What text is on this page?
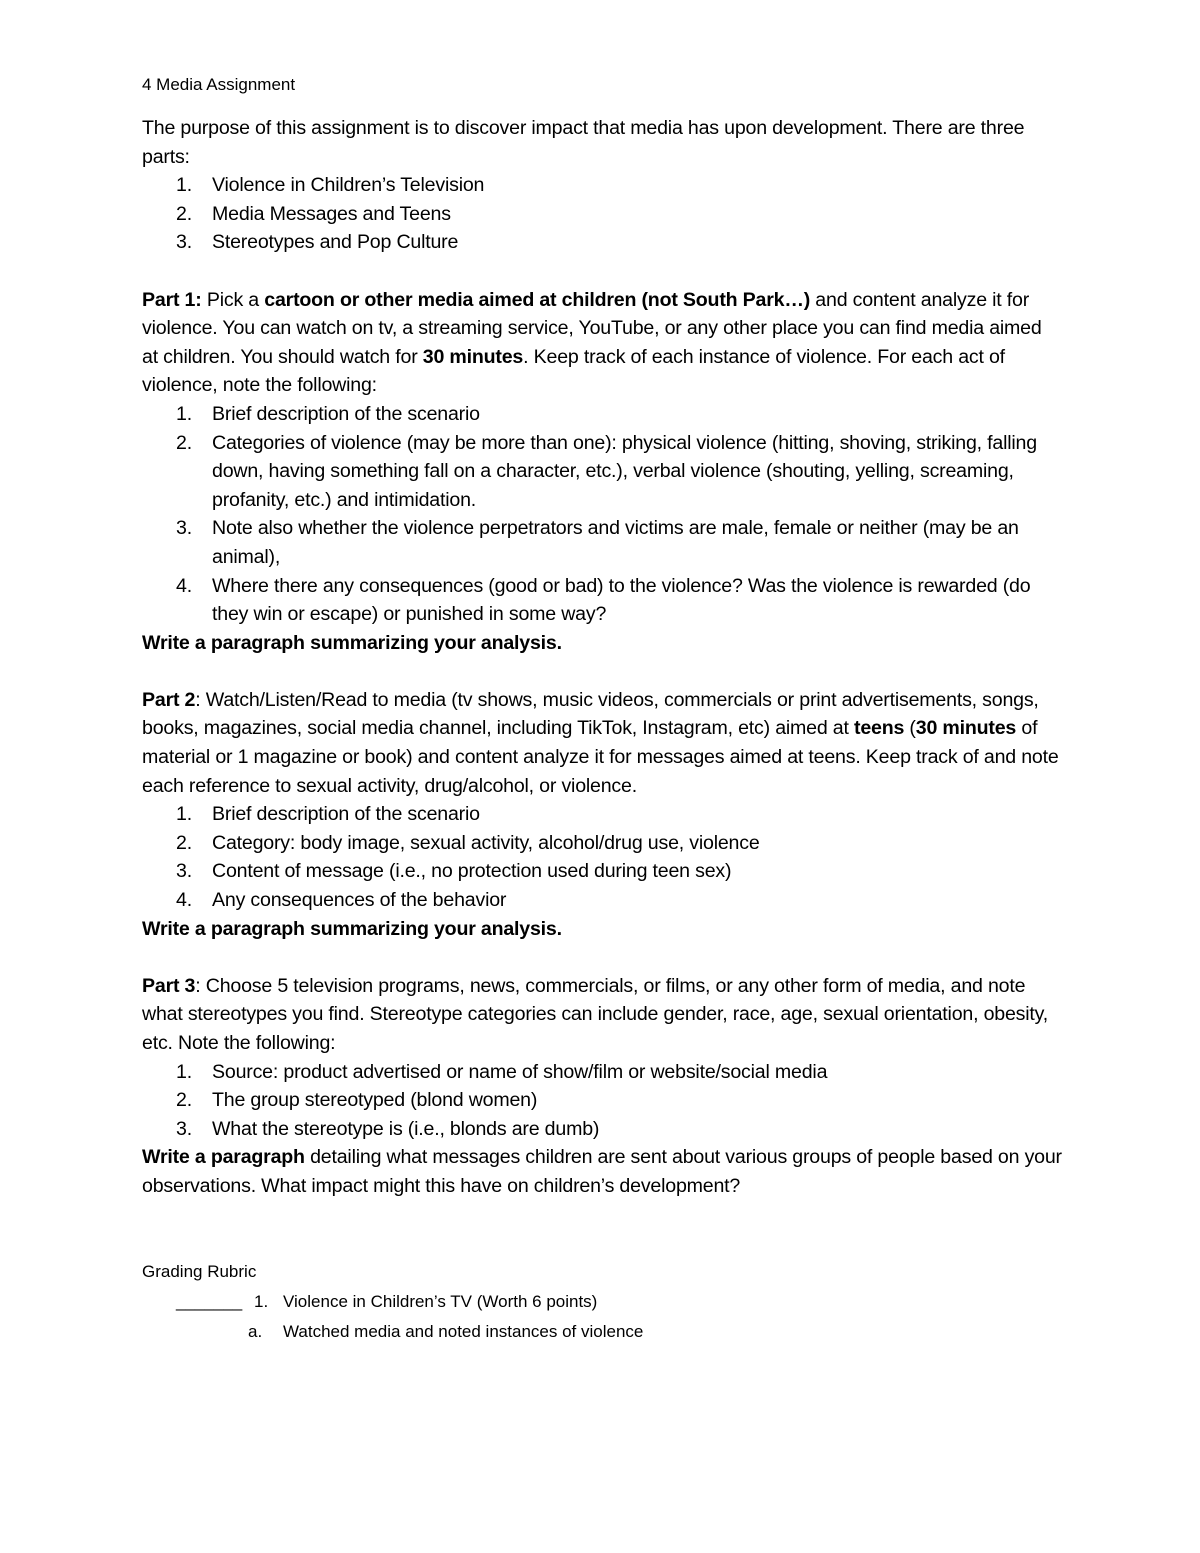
4 Media Assignment

The purpose of this assignment is to discover impact that media has upon development. There are three parts:

1. Violence in Children’s Television
2. Media Messages and Teens
3. Stereotypes and Pop Culture

Part 1: Pick a cartoon or other media aimed at children (not South Park…) and content analyze it for violence. You can watch on tv, a streaming service, YouTube, or any other place you can find media aimed at children. You should watch for 30 minutes. Keep track of each instance of violence. For each act of violence, note the following:

1. Brief description of the scenario
2. Categories of violence (may be more than one): physical violence (hitting, shoving, striking, falling down, having something fall on a character, etc.), verbal violence (shouting, yelling, screaming, profanity, etc.) and intimidation.
3. Note also whether the violence perpetrators and victims are male, female or neither (may be an animal),
4. Where there any consequences (good or bad) to the violence? Was the violence is rewarded (do they win or escape) or punished in some way?

Write a paragraph summarizing your analysis.

Part 2: Watch/Listen/Read to media (tv shows, music videos, commercials or print advertisements, songs, books, magazines, social media channel, including TikTok, Instagram, etc) aimed at teens (30 minutes of material or 1 magazine or book) and content analyze it for messages aimed at teens. Keep track of and note each reference to sexual activity, drug/alcohol, or violence.

1. Brief description of the scenario
2. Category: body image, sexual activity, alcohol/drug use, violence
3. Content of message (i.e., no protection used during teen sex)
4. Any consequences of the behavior

Write a paragraph summarizing your analysis.

Part 3: Choose 5 television programs, news, commercials, or films, or any other form of media, and note what stereotypes you find. Stereotype categories can include gender, race, age, sexual orientation, obesity, etc. Note the following:

1. Source: product advertised or name of show/film or website/social media
2. The group stereotyped (blond women)
3. What the stereotype is (i.e., blonds are dumb)

Write a paragraph detailing what messages children are sent about various groups of people based on your observations. What impact might this have on children’s development?

Grading Rubric
_______ 1. Violence in Children’s TV (Worth 6 points)
a. Watched media and noted instances of violence
